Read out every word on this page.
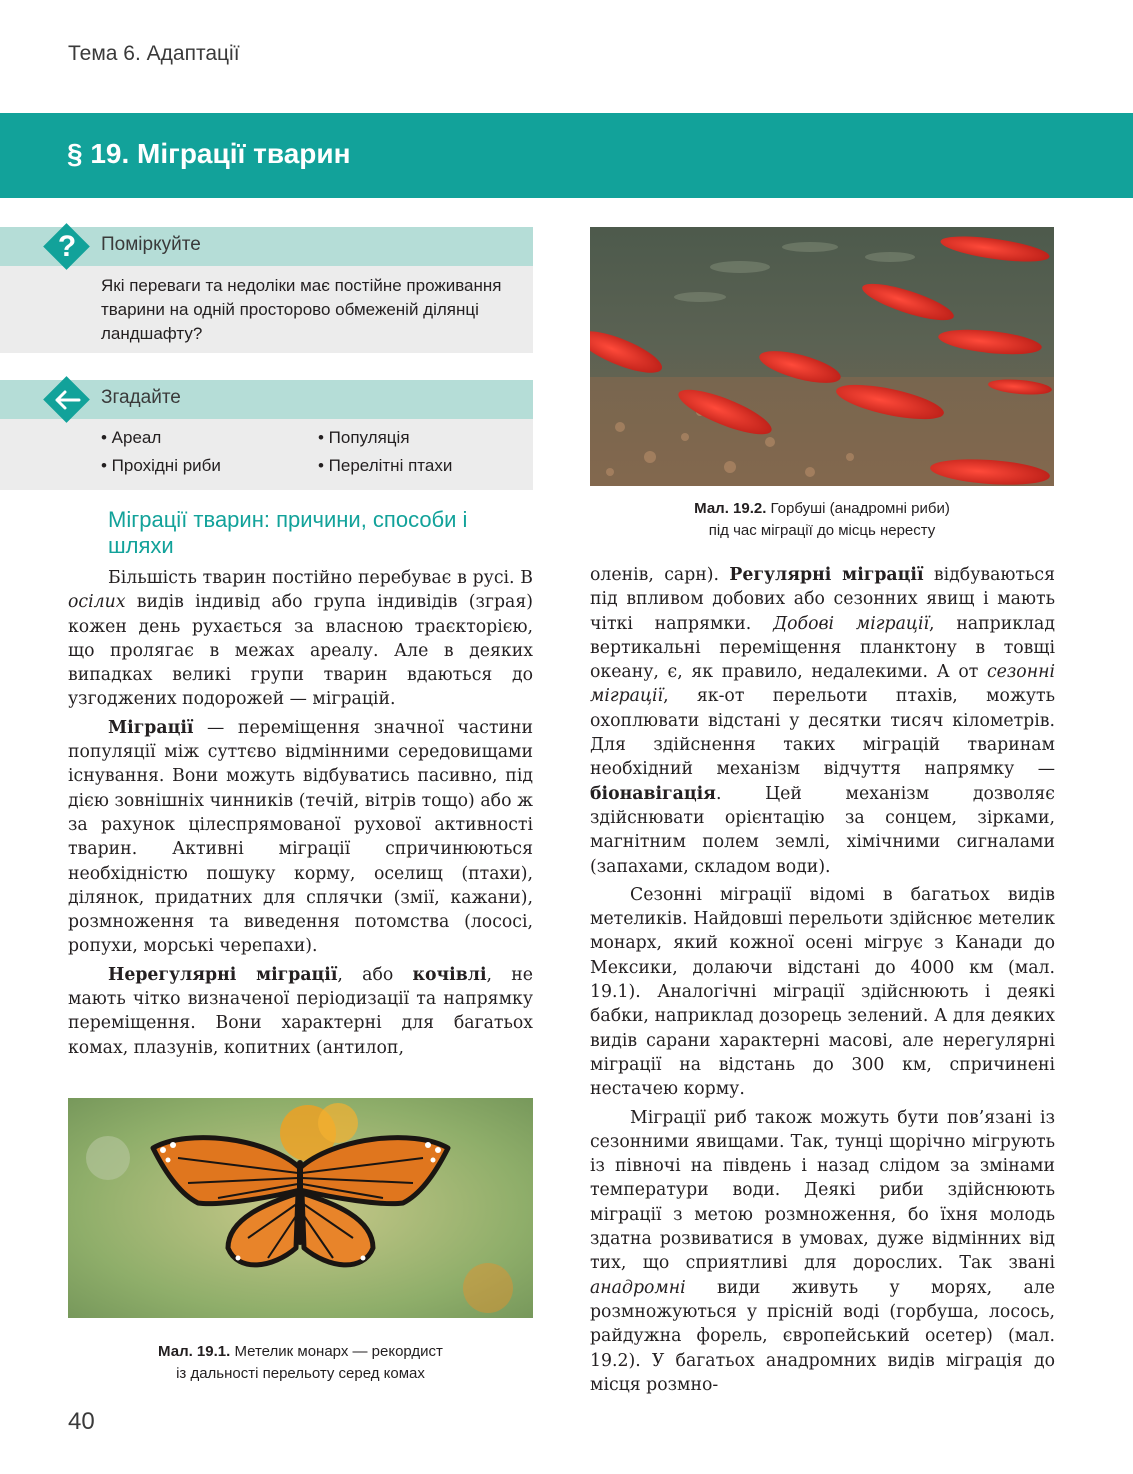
Тема 6. Адаптації
§ 19. Міграції тварин
?	Поміркуйте

Які переваги та недоліки має постійне проживання тварини на одній просторово обмеженій ділянці ландшафту?

Згадайте
• Ареал	• Популяція
• Прохідні риби	• Перелітні птахи
Мал. 19.2. Горбуші (анадромні риби)
під час міграції до місць нересту
Міграції тварин: причини, способи і шляхи

Більшість тварин постійно перебуває в русі. В осілих видів індивід або група індивідів (зграя) кожен день рухається за власною траєкторією, що пролягає в межах ареалу. Але в деяких випадках великі групи тварин вдаються до узгоджених подорожей — міграцій.

Міграції — переміщення значної частини популяції між суттєво відмінними середовищами існування. Вони можуть відбуватись пасивно, під дією зовнішніх чинників (течій, вітрів тощо) або ж за рахунок цілеспрямованої рухової активності тварин. Активні міграції спричинюються необхідністю пошуку корму, оселищ (птахи), ділянок, придатних для сплячки (змії, кажани), розмноження та виведення потомства (лососі, ропухи, морські черепахи).

Нерегулярні міграції, або кочівлі, не мають чітко визначеної періодизації та напрямку переміщення. Вони характерні для багатьох комах, плазунів, копитних (антилоп,

Мал. 19.1. Метелик монарх — рекордист
із дальності перельоту серед комах

оленів, сарн). Регулярні міграції відбуваються під впливом добових або сезонних явищ і мають чіткі напрямки. Добові міграції, наприклад вертикальні переміщення планктону в товщі океану, є, як правило, недалекими. А от сезонні міграції, як-от перельоти птахів, можуть охоплювати відстані у десятки тисяч кілометрів. Для здійснення таких міграцій тваринам необхідний механізм відчуття напрямку — біонавігація. Цей механізм дозволяє здійснювати орієнтацію за сонцем, зірками, магнітним полем землі, хімічними сигналами (запахами, складом води).

Сезонні міграції відомі в багатьох видів метеликів. Найдовші перельоти здійснює метелик монарх, який кожної осені мігрує з Канади до Мексики, долаючи відстані до 4000 км (мал. 19.1). Аналогічні міграції здійснюють і деякі бабки, наприклад дозорець зелений. А для деяких видів сарани характерні масові, але нерегулярні міграції на відстань до 300 км, спричинені нестачею корму.

Міграції риб також можуть бути пов’язані із сезонними явищами. Так, тунці щорічно мігрують із півночі на південь і назад слідом за змінами температури води. Деякі риби здійснюють міграції з метою розмноження, бо їхня молодь здатна розвиватися в умовах, дуже відмінних від тих, що сприятливі для дорослих. Так звані анадромні види живуть у морях, але розмножуються у прісній воді (горбуша, лосось, райдужна форель, європейський осетер) (мал. 19.2). У багатьох анадромних видів міграція до місця розмно-

40
